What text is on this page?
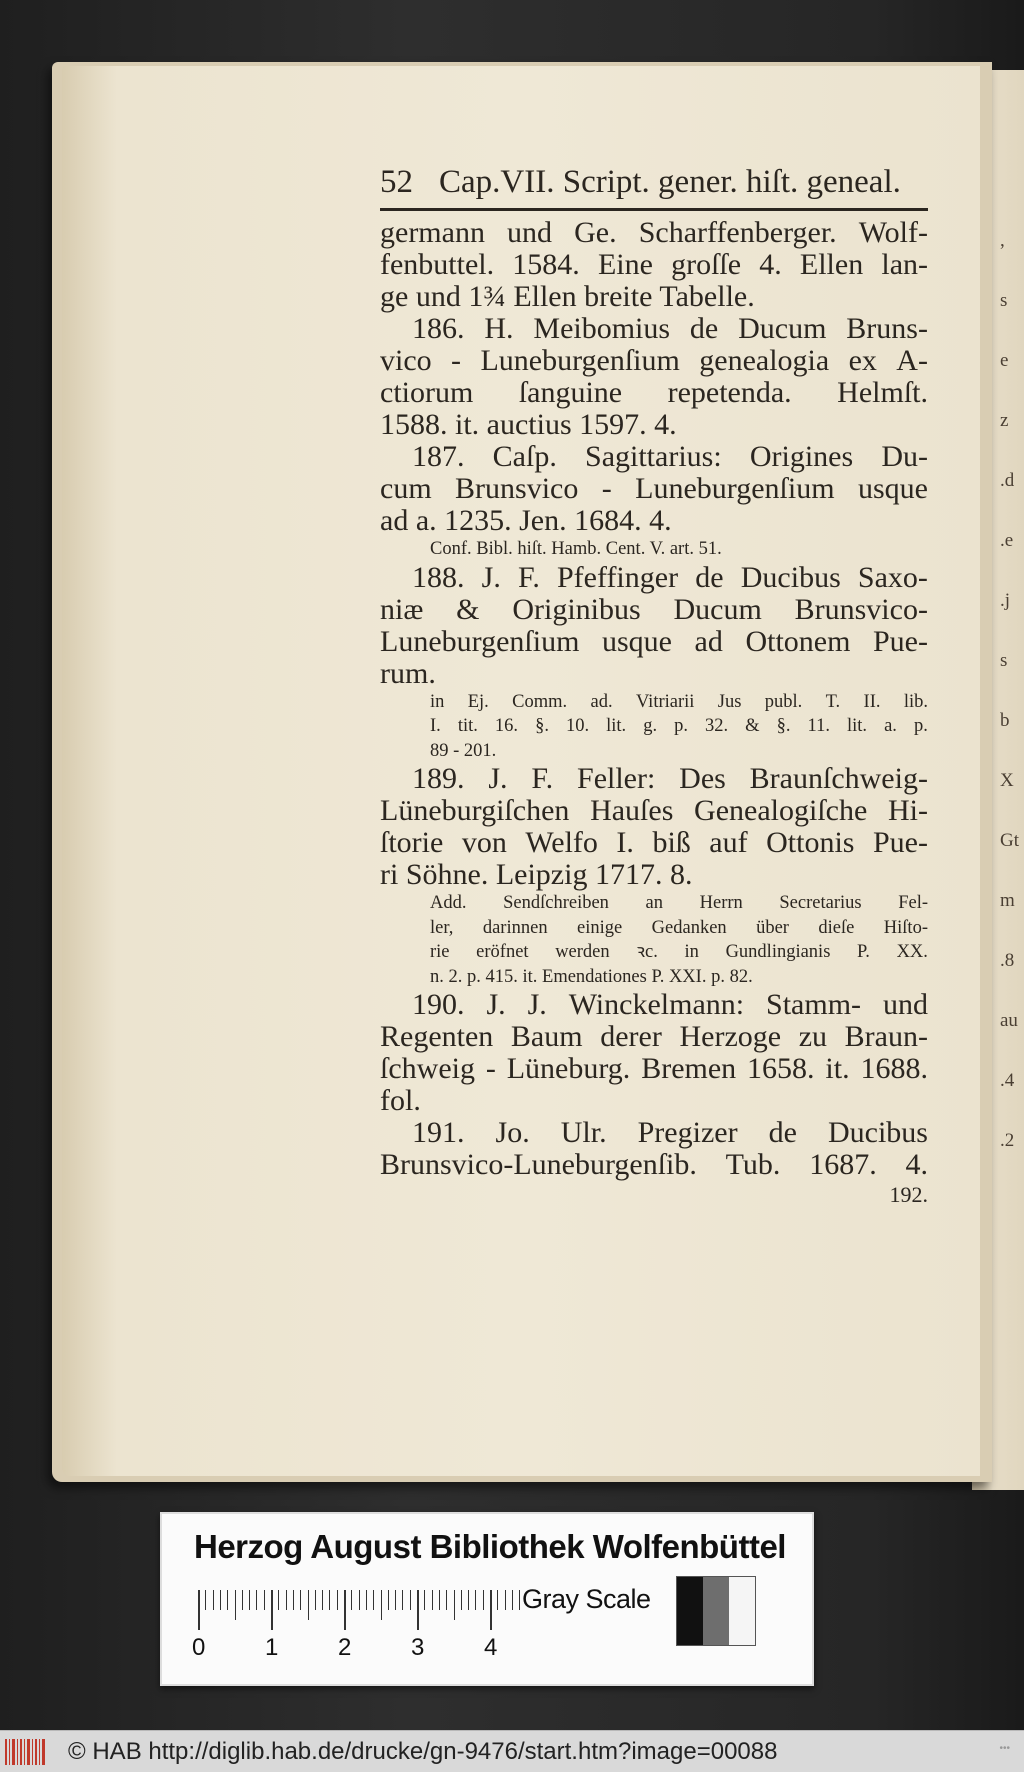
,
s
e
z
.d
.e
.j
s
b
X
Gt
m
.8
au
.4
.2
52 Cap.VII. Script. gener. hiſt. geneal.
germann und Ge. Scharffenberger. Wolf-
fenbuttel. 1584. Eine groſſe 4. Ellen lan-
ge und 1¾ Ellen breite Tabelle.
186. H. Meibomius de Ducum Bruns-
vico - Luneburgenſium genealogia ex A-
ctiorum ſanguine repetenda. Helmſt.
1588. it. auctius 1597. 4.
187. Caſp. Sagittarius: Origines Du-
cum Brunsvico - Luneburgenſium usque
ad a. 1235. Jen. 1684. 4.
Conf. Bibl. hiſt. Hamb. Cent. V. art. 51.
188. J. F. Pfeffinger de Ducibus Saxo-
niæ & Originibus Ducum Brunsvico-
Luneburgenſium usque ad Ottonem Pue-
rum.
in Ej. Comm. ad. Vitriarii Jus publ. T. II. lib.
I. tit. 16. §. 10. lit. g. p. 32. & §. 11. lit. a. p.
89 - 201.
189. J. F. Feller: Des Braunſchweig-
Lüneburgiſchen Hauſes Genealogiſche Hi-
ſtorie von Welfo I. biß auf Ottonis Pue-
ri Söhne. Leipzig 1717. 8.
Add. Sendſchreiben an Herrn Secretarius Fel-
ler, darinnen einige Gedanken über dieſe Hiſto-
rie eröfnet werden ꝛc. in Gundlingianis P. XX.
n. 2. p. 415. it. Emendationes P. XXI. p. 82.
190. J. J. Winckelmann: Stamm- und
Regenten Baum derer Herzoge zu Braun-
ſchweig - Lüneburg. Bremen 1658. it. 1688.
fol.
191. Jo. Ulr. Pregizer de Ducibus
Brunsvico-Luneburgenſib. Tub. 1687. 4.
192.
Herzog August Bibliothek Wolfenbüttel
0 1 2 3 4
Gray Scale
© HAB http://diglib.hab.de/drucke/gn-9476/start.htm?image=00088	•••
